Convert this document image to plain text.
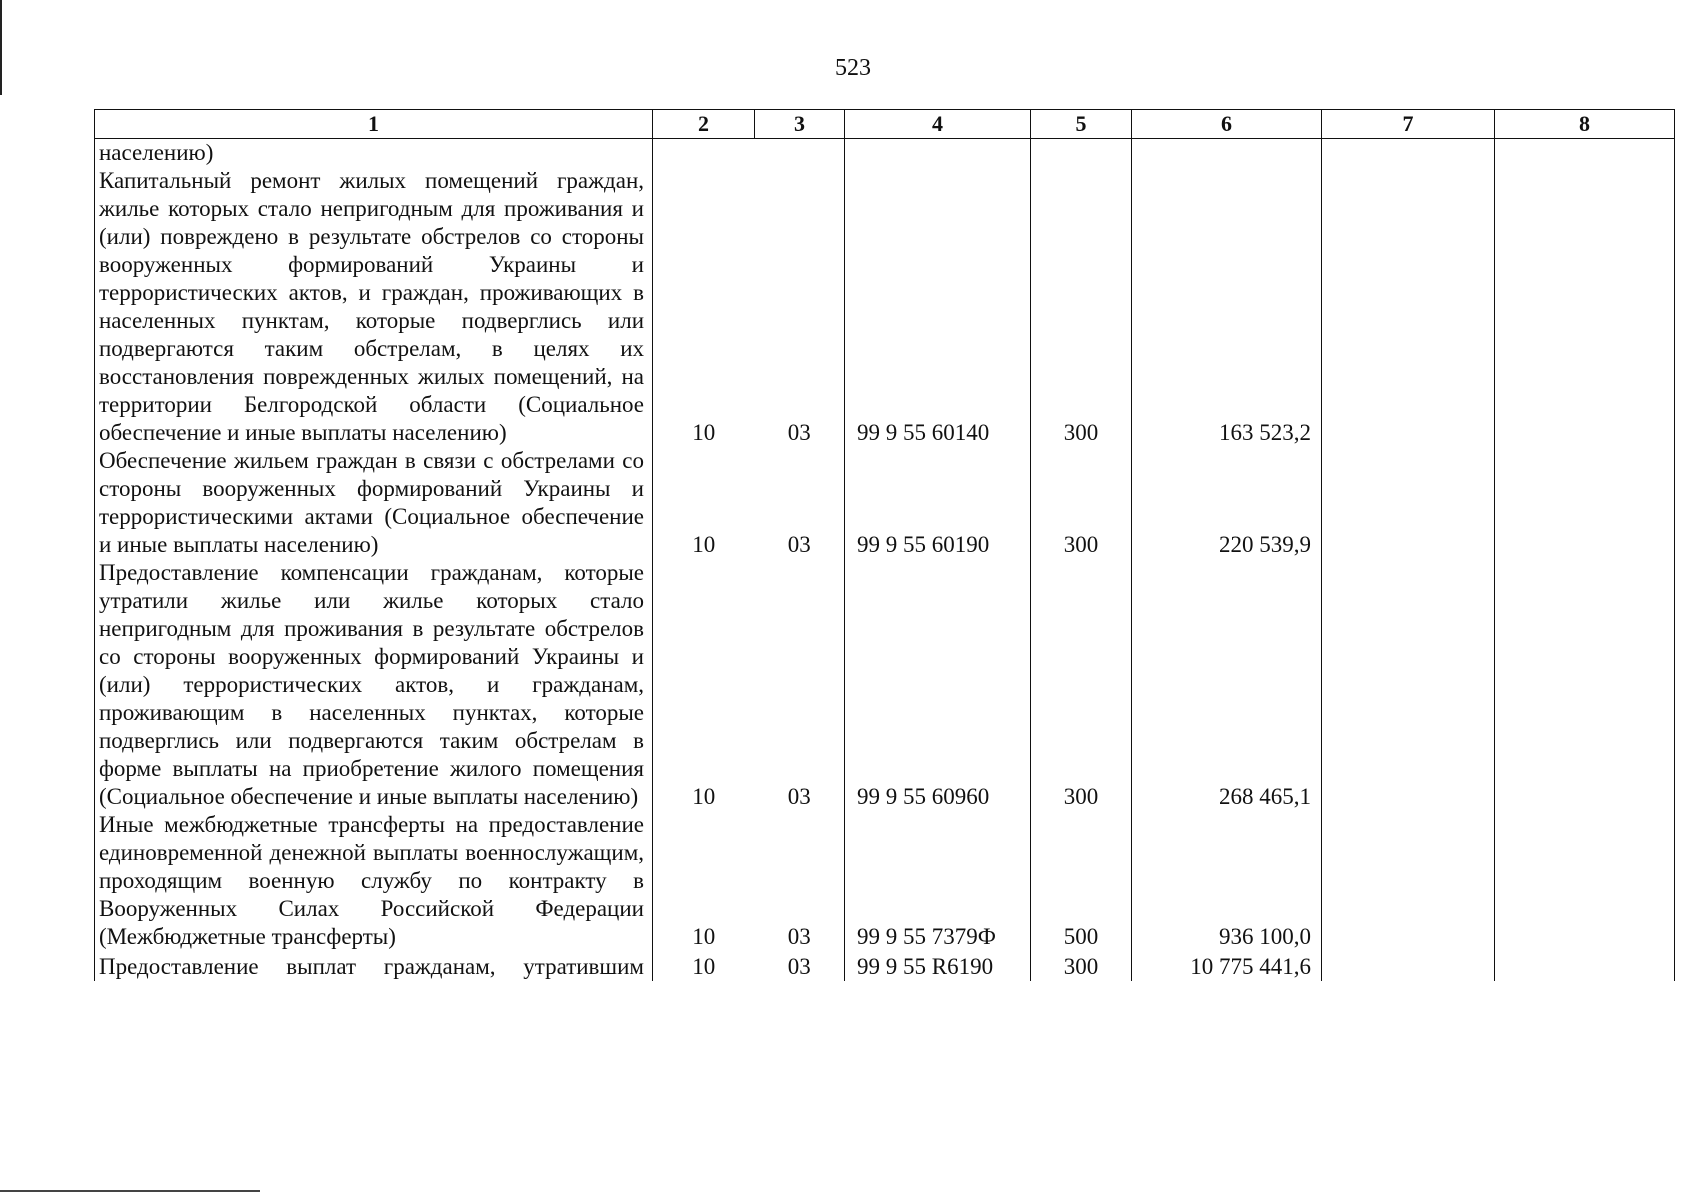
523
1	2	3	4	5	6	7	8
населению)							
Капитальный ремонт жилых помещений граждан, жилье которых стало непригодным для проживания и (или) повреждено в результате обстрелов со стороны вооруженных формирований Украины и террористических актов, и граждан, проживающих в населенных пунктам, которые подверглись или подвергаются таким обстрелам, в целях их восстановления поврежденных жилых помещений, на территории Белгородской области (Социальное обеспечение и иные выплаты населению)	10	03	99 9 55 60140	300	163 523,2		
Обеспечение жильем граждан в связи с обстрелами со стороны вооруженных формирований Украины и террористическими актами (Социальное обеспечение и иные выплаты населению)	10	03	99 9 55 60190	300	220 539,9		
Предоставление компенсации гражданам, которые утратили жилье или жилье которых стало непригодным для проживания в результате обстрелов со стороны вооруженных формирований Украины и (или) террористических актов, и гражданам, проживающим в населенных пунктах, которые подверглись или подвергаются таким обстрелам в форме выплаты на приобретение жилого помещения (Социальное обеспечение и иные выплаты населению)	10	03	99 9 55 60960	300	268 465,1		
Иные межбюджетные трансферты на предоставление единовременной денежной выплаты военнослужащим, проходящим военную службу по контракту в Вооруженных Силах Российской Федерации (Межбюджетные трансферты)	10	03	99 9 55 7379Ф	500	936 100,0		
Предоставление выплат гражданам, утратившим	10	03	99 9 55 R6190	300	10 775 441,6		
